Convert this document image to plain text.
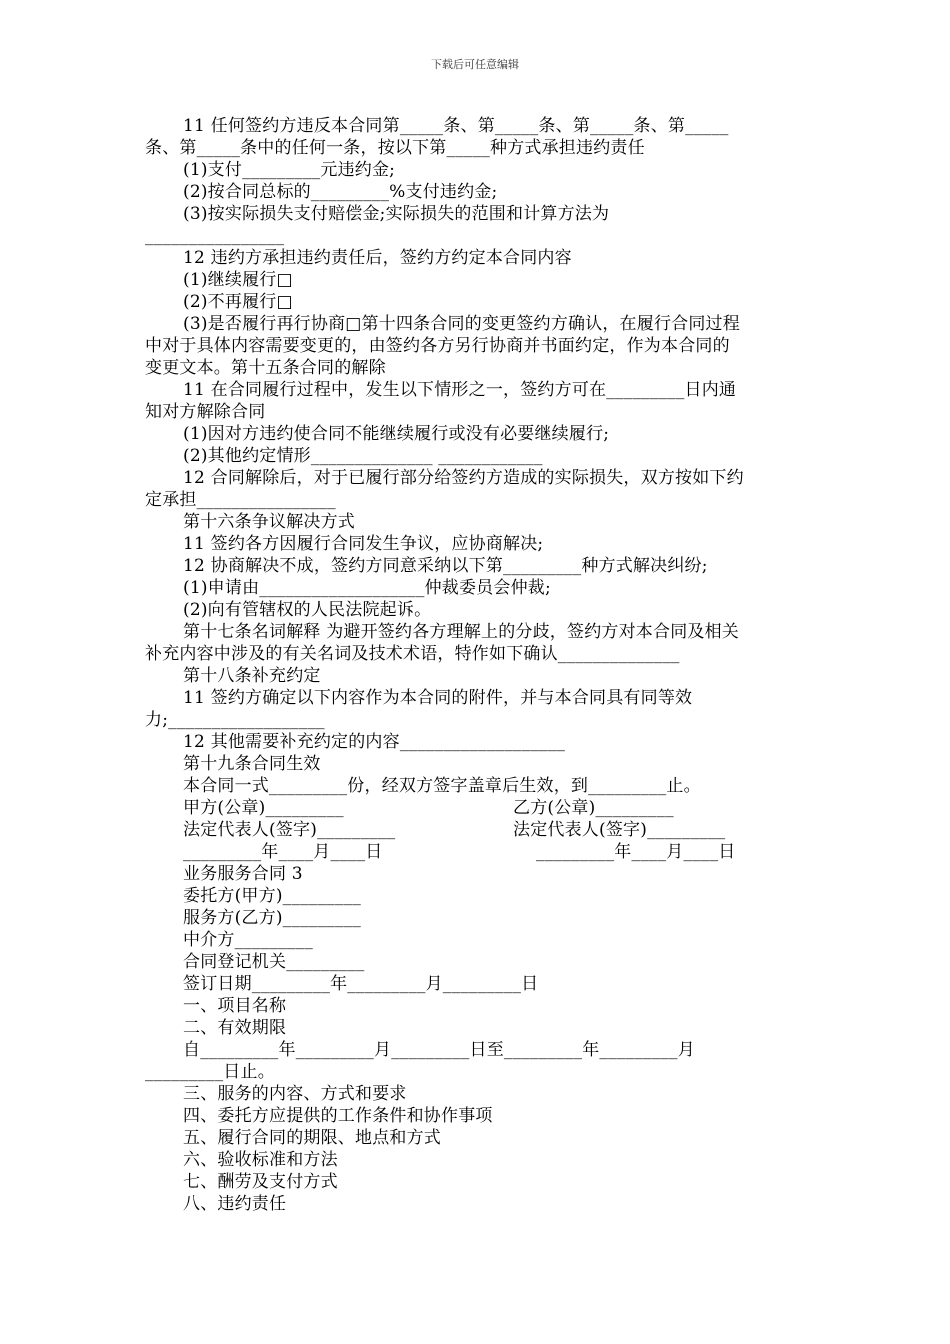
下载后可任意编辑

11 任何签约方违反本合同第_____条、第_____条、第_____条、第_____

条、第_____条中的任何一条，按以下第_____种方式承担违约责任

(1)支付_________元违约金;

(2)按合同总标的_________%支付违约金;

(3)按实际损失支付赔偿金;实际损失的范围和计算方法为

________________

12 违约方承担违约责任后，签约方约定本合同内容

(1)继续履行□

(2)不再履行□

(3)是否履行再行协商□第十四条合同的变更签约方确认，在履行合同过程

中对于具体内容需要变更的，由签约各方另行协商并书面约定，作为本合同的

变更文本。第十五条合同的解除

11 在合同履行过程中，发生以下情形之一，签约方可在_________日内通

知对方解除合同

(1)因对方违约使合同不能继续履行或没有必要继续履行;

(2)其他约定情形______________ ____________

12 合同解除后，对于已履行部分给签约方造成的实际损失，双方按如下约

定承担________________

第十六条争议解决方式

11 签约各方因履行合同发生争议，应协商解决;

12 协商解决不成，签约方同意采纳以下第_________种方式解决纠纷;

(1)申请由___________________仲裁委员会仲裁;

(2)向有管辖权的人民法院起诉。

第十七条名词解释 为避开签约各方理解上的分歧，签约方对本合同及相关

补充内容中涉及的有关名词及技术术语，特作如下确认______________

第十八条补充约定

11 签约方确定以下内容作为本合同的附件，并与本合同具有同等效

力;__________________

12 其他需要补充约定的内容___________________

第十九条合同生效

本合同一式_________份，经双方签字盖章后生效，到_________止。

甲方(公章)_________	乙方(公章)_________
法定代表人(签字)_________	法定代表人(签字)_________
_________年____月____日	_________年____月____日

业务服务合同 3

委托方(甲方)_________

服务方(乙方)_________

中介方_________

合同登记机关_________

签订日期_________年_________月_________日

一、项目名称

二、有效期限

自_________年_________月_________日至_________年_________月

_________日止。

三、服务的内容、方式和要求

四、委托方应提供的工作条件和协作事项

五、履行合同的期限、地点和方式

六、验收标准和方法

七、酬劳及支付方式

八、违约责任
